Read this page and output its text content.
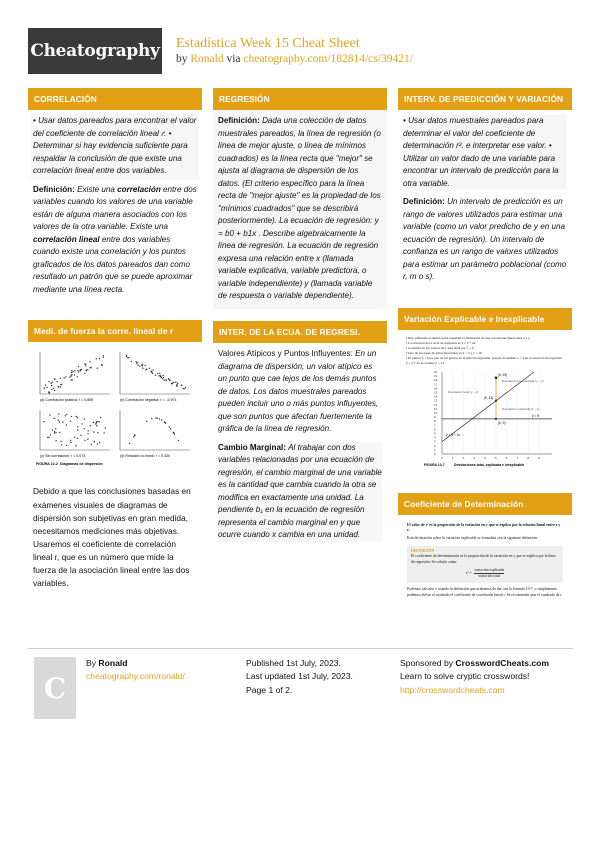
Cheatography Estadística Week 15 Cheat Sheet
by Ronald via cheatography.com/182814/cs/39421/
CORRELACIÓN
• Usar datos pareados para encontrar el valor del coeficiente de correlación lineal 𝑟. • Determinar si hay evidencia suficiente para respaldar la conclusión de que existe una correlación lineal entre dos variables.

Definición: Existe una correlación entre dos variables cuando los valores de una variable están de alguna manera asociados con los valores de la otra variable. Existe una correlación lineal entre dos variables cuando existe una correlación y los puntos graficados de los datos pareados dan como resultado un patrón que se puede aproximar mediante una línea recta.

Medi. de fuerza la corre. lineal de r
(a) Correlación positiva: r = 0.859	(b) Correlación negativa: r = –0.971
(c) Sin correlación: r = 0.074	(d) Relación no lineal: r = 0.330
FIGURA 10-2 Diagramas de dispersión
Debido a que las conclusiones basadas en exámenes visuales de diagramas de dispersión son subjetivas en gran medida, necesitamos mediciones más objetivas. Usaremos el coeficiente de correlación lineal r, que es un número que mide la fuerza de la asociación lineal entre las dos variables.
REGRESIÓN
Definición: Dada una colección de datos muestrales pareados, la línea de regresión (o línea de mejor ajuste, o línea de mínimos cuadrados) es la línea recta que "mejor" se ajusta al diagrama de dispersión de los datos. (El criterio específico para la línea recta de "mejor ajuste" es la propiedad de los "mínimos cuadrados" que se describirá posteriormente). La ecuación de regresión: y = b0 + b1x . Describe algebraicamente la línea de regresión. La ecuación de regresión expresa una relación entre x (llamada variable explicativa, variable predictora, o variable independiente) y (llamada variable de respuesta o variable dependiente).
INTER. DE LA ECUA. DE REGRESI.

Valores Atípicos y Puntos Influyentes: En un diagrama de dispersión, un valor atípico es un punto que cae lejos de los demás puntos de datos. Los datos muestrales pareados pueden incluir uno o más puntos influyentes, que son puntos que afectan fuertemente la gráfica de la línea de regresión.

Cambio Marginal: Al trabajar con dos variables relacionadas por una ecuación de regresión, el cambio marginal de una variable es la cantidad que cambia cuando la otra se modifica en exactamente una unidad. La pendiente b₁ en la ecuación de regresión representa el cambio marginal en y que ocurre cuando x cambia en una unidad.

INTERV. DE PREDICCIÓN Y VARIACIÓN

• Usar datos muestrales pareados para determinar el valor del coeficiente de determinación r². e interpretar ese valor. • Utilizar un valor dado de una variable para encontrar un intervalo de predicción para la otra variable.

Definición: Un intervalo de predicción es un rango de valores utilizados para estimar una variable (como un valor predicho de y en una ecuación de regresión). Un intervalo de confianza es un rango de valores utilizados para estimar un parámetro poblacional (como r, m o s).

Variación Explicable e Inexplicable
▪ Hay suficiente evidencia para respaldar la afirmación de una correlación lineal entre x y y.
▪ La ecuación de la recta de regresión es ŷ = 3 + 2x.
▪ La media de los valores de y está dada por ȳ = 9.
▪ Uno de los pares de datos muestrales es x = 5 y y = 19.
▪ El punto (5, 13) es uno de los puntos en la línea de regresión, porque al sustituir x = 5 en la ecuación de regresión ŷ = 3 + 2x se obtiene ŷ = 13.
20
19
18
17
16
15
14
13
12
11
10
9
8
7
6
5
4
3
2
1
0
0	1	2	3	4	5	6	7	8	9
(5, 19)
(5, 13)
(5, 9)
ŷ = 3 + 2x
ȳ = 9
Desviación no explicada (y − ŷ)
Desviación total (y − ȳ)
Desviación explicada (ŷ − ȳ)
FIGURA 10-7	Desviaciones total, explicada e inexplicable
Coeficiente de Determinación
El valor de r² es la proporción de la variación en y que se explica por la relación lineal entre x y y.
Esta declaración sobre la variación explicable se formaliza con la siguiente definición.
DEFINICIÓN
El coeficiente de determinación es la proporción de la variación en y que se explica por la línea de regresión. Se calcula como
r² =
variación explicada
variación total
Podemos calcular r² usando la definición que acabamos de dar con la fórmula 10-7, o simplemente podemos elevar al cuadrado el coeficiente de correlación lineal r. Se recomienda usar el cuadrado de r.
C
By Ronald
cheatography.com/ronald/
Published 1st July, 2023.
Last updated 1st July, 2023.
Page 1 of 2.
Sponsored by CrosswordCheats.com
Learn to solve cryptic crosswords!
http://crosswordcheats.com
